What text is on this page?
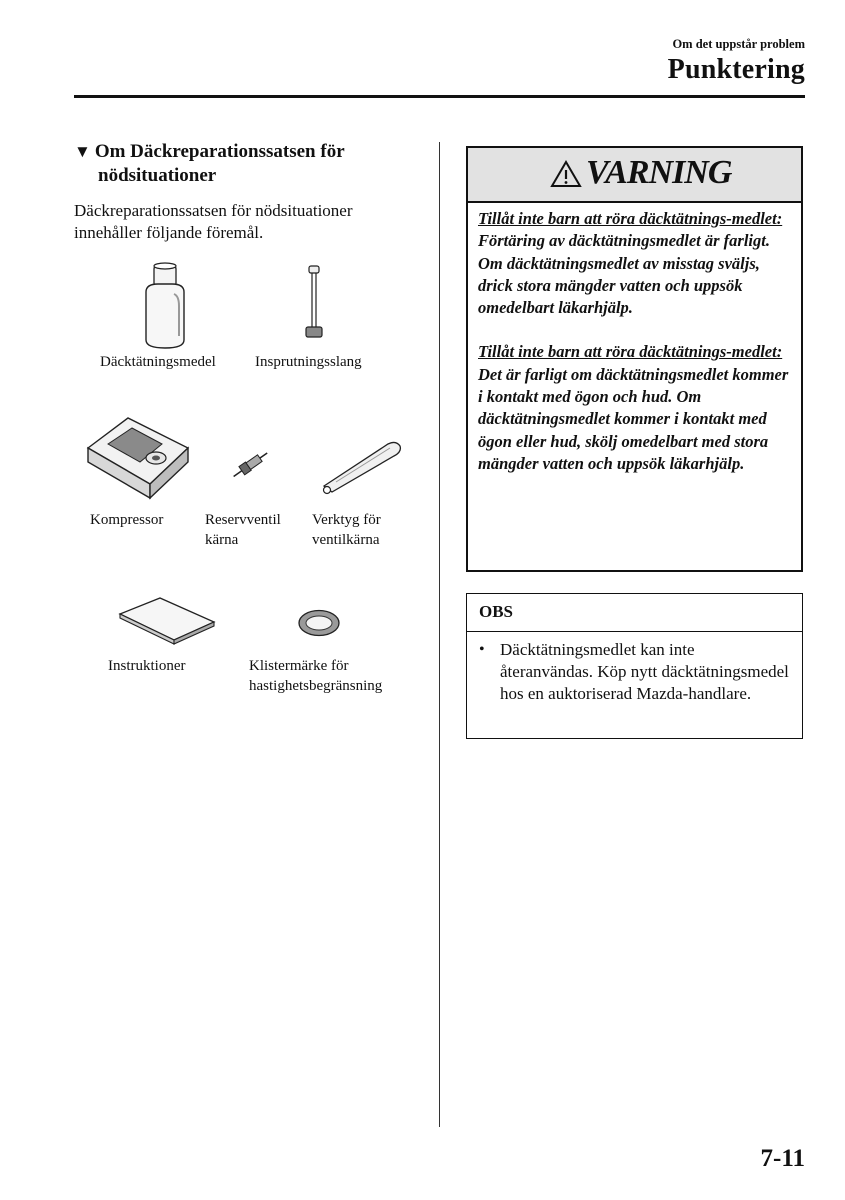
Om det uppstår problem
Punktering
▼ Om Däckreparationssatsen för
nödsituationer
Däckreparationssatsen för nödsituationer innehåller följande föremål.
Däcktätningsmedel	Insprutningsslang
Kompressor	Reservventil
kärna
Verktyg för
ventilkärna
Instruktioner	Klistermärke för
hastighetsbegränsning
VARNING

Tillåt inte barn att röra däcktätnings-medlet:
Förtäring av däcktätningsmedlet är farligt. Om däcktätningsmedlet av misstag sväljs, drick stora mängder vatten och uppsök omedelbart läkarhjälp.

Tillåt inte barn att röra däcktätnings-medlet:
Det är farligt om däcktätningsmedlet kommer i kontakt med ögon och hud. Om däcktätningsmedlet kommer i kontakt med ögon eller hud, skölj omedelbart med stora mängder vatten och uppsök läkarhjälp.

OBS
• Däcktätningsmedlet kan inte återanvändas. Köp nytt däcktätningsmedel hos en auktoriserad Mazda-handlare.
7-11
